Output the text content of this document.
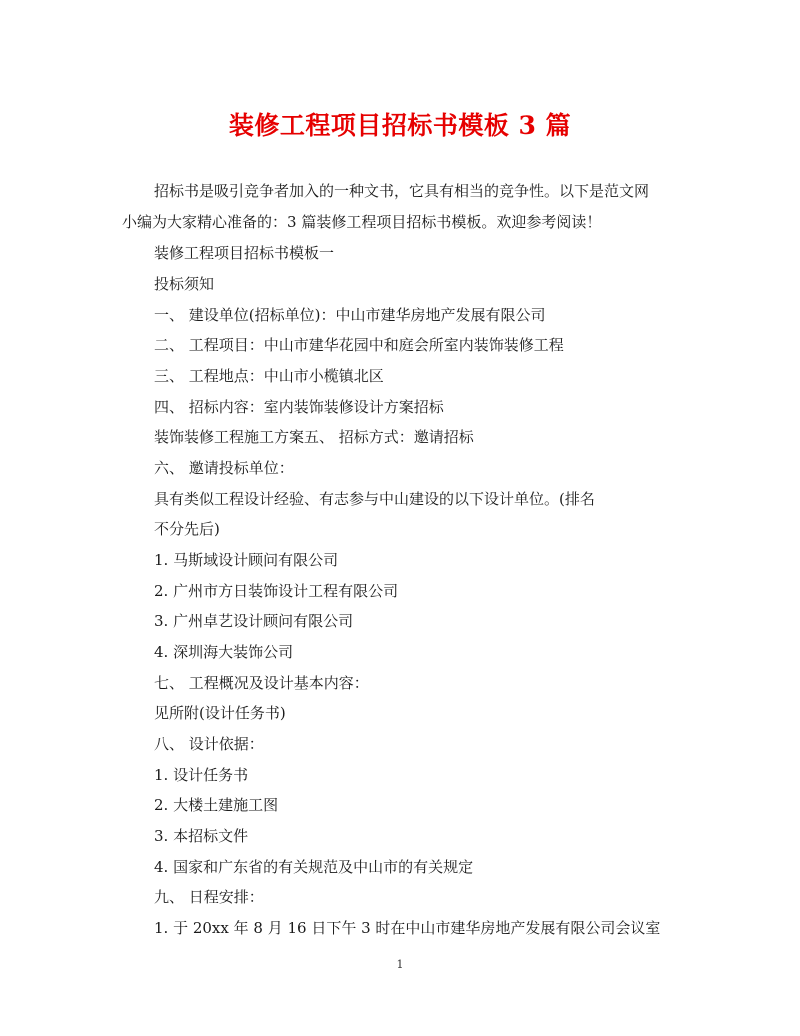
装修工程项目招标书模板 3 篇
招标书是吸引竞争者加入的一种文书，它具有相当的竞争性。以下是范文网
小编为大家精心准备的：3 篇装修工程项目招标书模板。欢迎参考阅读！
装修工程项目招标书模板一
投标须知
一、 建设单位(招标单位)：中山市建华房地产发展有限公司
二、 工程项目：中山市建华花园中和庭会所室内装饰装修工程
三、 工程地点：中山市小榄镇北区
四、 招标内容：室内装饰装修设计方案招标
装饰装修工程施工方案五、 招标方式：邀请招标
六、 邀请投标单位：
具有类似工程设计经验、有志参与中山建设的以下设计单位。(排名
不分先后)
1. 马斯域设计顾问有限公司
2. 广州市方日装饰设计工程有限公司
3. 广州卓艺设计顾问有限公司
4. 深圳海大装饰公司
七、 工程概况及设计基本内容：
见所附(设计任务书)
八、 设计依据：
1. 设计任务书
2. 大楼土建施工图
3. 本招标文件
4. 国家和广东省的有关规范及中山市的有关规定
九、 日程安排：
1. 于 20xx 年 8 月 16 日下午 3 时在中山市建华房地产发展有限公司会议室
1
